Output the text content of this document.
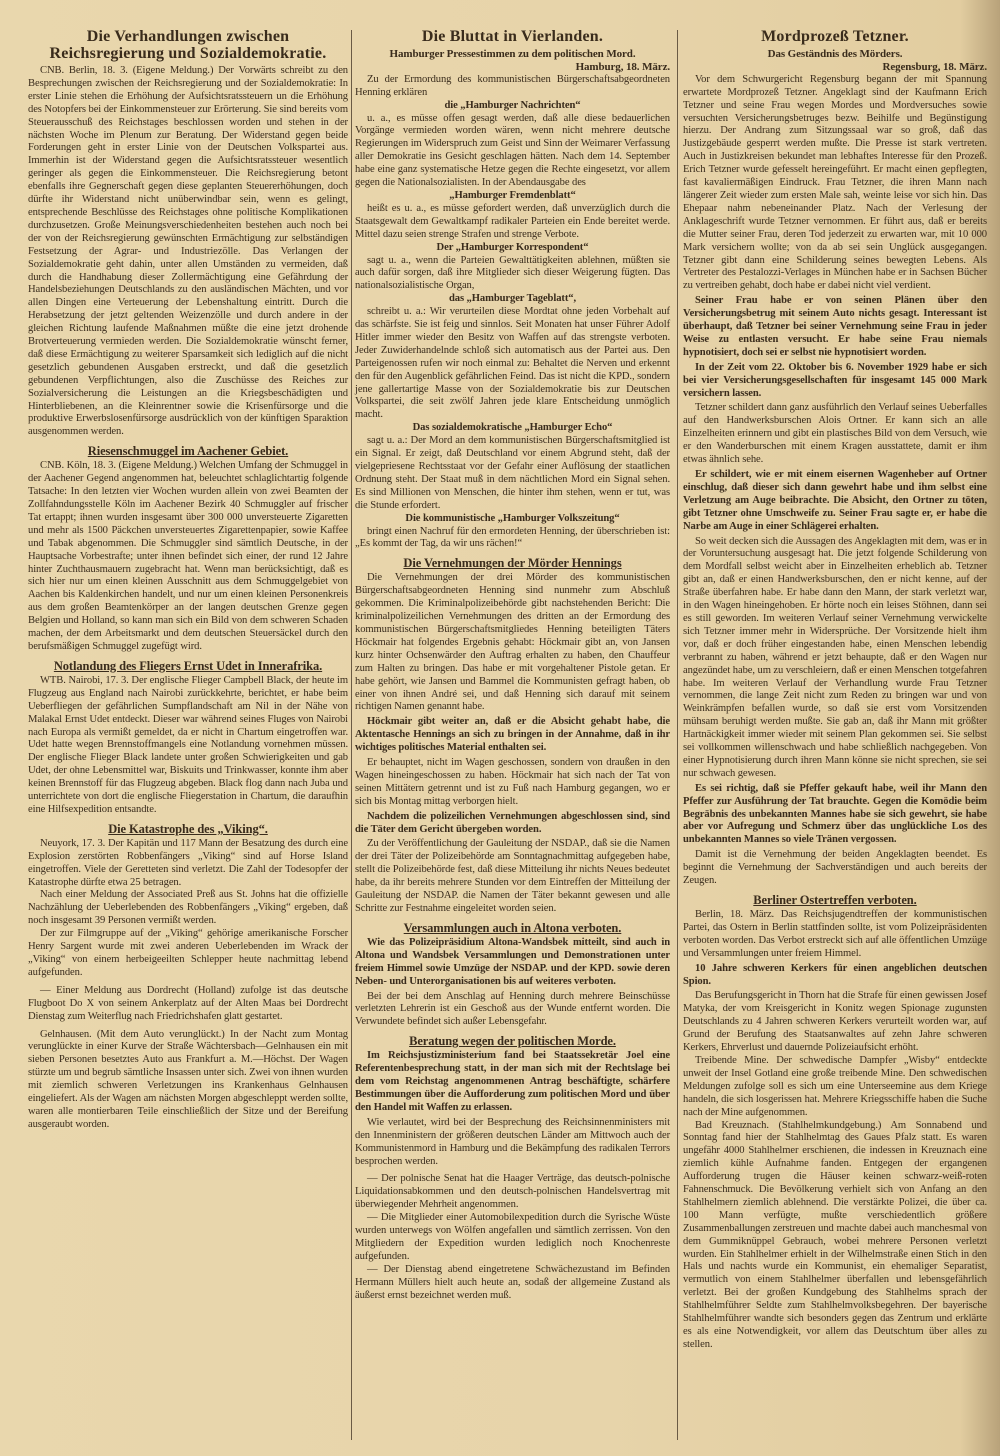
Die Verhandlungen zwischen Reichsregierung und Sozialdemokratie.
CNB. Berlin, 18. 3. (Eigene Meldung.) Der Vorwärts schreibt zu den Besprechungen zwischen der Reichsregierung und der Sozialdemokratie: In erster Linie stehen die Erhöhung der Aufsichtsratssteuern un die Erhöhung des Notopfers bei der Einkommensteuer zur Erörterung. Sie sind bereits vom Steuerausschuß des Reichstages beschlossen worden und stehen in der nächsten Woche im Plenum zur Beratung. Der Widerstand gegen beide Forderungen geht in erster Linie von der Deutschen Volkspartei aus. Immerhin ist der Widerstand gegen die Aufsichtsratssteuer wesentlich geringer als gegen die Einkommensteuer. Die Reichsregierung betont ebenfalls ihre Gegnerschaft gegen diese geplanten Steuererhöhungen, doch dürfte ihr Widerstand nicht unüberwindbar sein, wenn es gelingt, entsprechende Beschlüsse des Reichstages ohne politische Komplikationen durchzusetzen. Große Meinungsverschiedenheiten bestehen auch noch bei der von der Reichsregierung gewünschten Ermächtigung zur selbständigen Festsetzung der Agrar- und Industriezölle. Das Verlangen der Sozialdemokratie geht dahin, unter allen Umständen zu vermeiden, daß durch die Handhabung dieser Zollermächtigung eine Gefährdung der Handelsbeziehungen Deutschlands zu den ausländischen Mächten, und vor allen Dingen eine Verteuerung der Lebenshaltung eintritt. Durch die Herabsetzung der jetzt geltenden Weizenzölle und durch andere in der gleichen Richtung laufende Maßnahmen müßte die eine jetzt drohende Brotverteuerung vermieden werden. Die Sozialdemokratie wünscht ferner, daß diese Ermächtigung zu weiterer Sparsamkeit sich lediglich auf die nicht gesetzlich gebundenen Ausgaben erstreckt, und daß die gesetzlich gebundenen Verpflichtungen, also die Zuschüsse des Reiches zur Sozialversicherung die Leistungen an die Kriegsbeschädigten und Hinterbliebenen, an die Kleinrentner sowie die Krisenfürsorge und die produktive Erwerbslosenfürsorge ausdrücklich von der künftigen Sparaktion ausgenommen werden.
Riesenschmuggel im Aachener Gebiet.
CNB. Köln, 18. 3. (Eigene Meldung.) Welchen Umfang der Schmuggel in der Aachener Gegend angenommen hat, beleuchtet schlaglichtartig folgende Tatsache: In den letzten vier Wochen wurden allein von zwei Beamten der Zollfahndungsstelle Köln im Aachener Bezirk 40 Schmuggler auf frischer Tat ertappt; ihnen wurden insgesamt über 300 000 unversteuerte Zigaretten und mehr als 1500 Päckchen unversteuertes Zigarettenpapier, sowie Kaffee und Tabak abgenommen. Die Schmuggler sind sämtlich Deutsche, in der Hauptsache Vorbestrafte; unter ihnen befindet sich einer, der rund 12 Jahre hinter Zuchthausmauern zugebracht hat. Wenn man berücksichtigt, daß es sich hier nur um einen kleinen Ausschnitt aus dem Schmuggelgebiet von Aachen bis Kaldenkirchen handelt, und nur um einen kleinen Personenkreis aus dem großen Beamtenkörper an der langen deutschen Grenze gegen Belgien und Holland, so kann man sich ein Bild von dem schweren Schaden machen, der dem Arbeitsmarkt und dem deutschen Steuersäckel durch den berufsmäßigen Schmuggel zugefügt wird.
Notlandung des Fliegers Ernst Udet in Innerafrika.
WTB. Nairobi, 17. 3. Der englische Flieger Campbell Black, der heute im Flugzeug aus England nach Nairobi zurückkehrte, berichtet, er habe beim Ueberfliegen der gefährlichen Sumpflandschaft am Nil in der Nähe von Malakal Ernst Udet entdeckt. Dieser war während seines Fluges von Nairobi nach Europa als vermißt gemeldet, da er nicht in Chartum eingetroffen war. Udet hatte wegen Brennstoffmangels eine Notlandung vornehmen müssen. Der englische Flieger Black landete unter großen Schwierigkeiten und gab Udet, der ohne Lebensmittel war, Biskuits und Trinkwasser, konnte ihm aber keinen Brennstoff für das Flugzeug abgeben. Black flog dann nach Juba und unterrichtete von dort die englische Fliegerstation in Chartum, die daraufhin eine Hilfsexpedition entsandte.
Die Katastrophe des „Viking“.
Neuyork, 17. 3. Der Kapitän und 117 Mann der Besatzung des durch eine Explosion zerstörten Robbenfängers „Viking“ sind auf Horse Island eingetroffen. Viele der Geretteten sind verletzt. Die Zahl der Todesopfer der Katastrophe dürfte etwa 25 betragen.
Nach einer Meldung der Associated Preß aus St. Johns hat die offizielle Nachzählung der Ueberlebenden des Robbenfängers „Viking“ ergeben, daß noch insgesamt 39 Personen vermißt werden.
Der zur Filmgruppe auf der „Viking“ gehörige amerikanische Forscher Henry Sargent wurde mit zwei anderen Ueberlebenden im Wrack der „Viking“ von einem herbeigeeilten Schlepper heute nachmittag lebend aufgefunden.
— Einer Meldung aus Dordrecht (Holland) zufolge ist das deutsche Flugboot Do X von seinem Ankerplatz auf der Alten Maas bei Dordrecht Dienstag zum Weiterflug nach Friedrichshafen glatt gestartet.
Gelnhausen. (Mit dem Auto verunglückt.) In der Nacht zum Montag verunglückte in einer Kurve der Straße Wächtersbach—Gelnhausen ein mit sieben Personen besetztes Auto aus Frankfurt a. M.—Höchst. Der Wagen stürzte um und begrub sämtliche Insassen unter sich. Zwei von ihnen wurden mit ziemlich schweren Verletzungen ins Krankenhaus Gelnhausen eingeliefert. Als der Wagen am nächsten Morgen abgeschleppt werden sollte, waren alle montierbaren Teile einschließlich der Sitze und der Bereifung ausgeraubt worden.
Die Bluttat in Vierlanden.
Hamburger Pressestimmen zu dem politischen Mord.
Hamburg, 18. März.
Zu der Ermordung des kommunistischen Bürgerschaftsabgeordneten Henning erklären
die „Hamburger Nachrichten“
u. a., es müsse offen gesagt werden, daß alle diese bedauerlichen Vorgänge vermieden worden wären, wenn nicht mehrere deutsche Regierungen im Widerspruch zum Geist und Sinn der Weimarer Verfassung aller Demokratie ins Gesicht geschlagen hätten. Nach dem 14. September habe eine ganz systematische Hetze gegen die Rechte eingesetzt, vor allem gegen die Nationalsozialisten. In der Abendausgabe des
„Hamburger Fremdenblatt“
heißt es u. a., es müsse gefordert werden, daß unverzüglich durch die Staatsgewalt dem Gewaltkampf radikaler Parteien ein Ende bereitet werde. Mittel dazu seien strenge Strafen und strenge Verbote.
Der „Hamburger Korrespondent“
sagt u. a., wenn die Parteien Gewalttätigkeiten ablehnen, müßten sie auch dafür sorgen, daß ihre Mitglieder sich dieser Weigerung fügten. Das nationalsozialistische Organ,
das „Hamburger Tageblatt“,
schreibt u. a.: Wir verurteilen diese Mordtat ohne jeden Vorbehalt auf das schärfste. Sie ist feig und sinnlos. Seit Monaten hat unser Führer Adolf Hitler immer wieder den Besitz von Waffen auf das strengste verboten. Jeder Zuwiderhandelnde schloß sich automatisch aus der Partei aus. Den Parteigenossen rufen wir noch einmal zu: Behaltet die Nerven und erkennt den für den Augenblick gefährlichen Feind. Das ist nicht die KPD., sondern jene gallertartige Masse von der Sozialdemokratie bis zur Deutschen Volkspartei, die seit zwölf Jahren jede klare Entscheidung unmöglich macht.
Das sozialdemokratische „Hamburger Echo“
sagt u. a.: Der Mord an dem kommunistischen Bürgerschaftsmitglied ist ein Signal. Er zeigt, daß Deutschland vor einem Abgrund steht, daß der vielgepriesene Rechtsstaat vor der Gefahr einer Auflösung der staatlichen Ordnung steht. Der Staat muß in dem nächtlichen Mord ein Signal sehen. Es sind Millionen von Menschen, die hinter ihm stehen, wenn er tut, was die Stunde erfordert.
Die kommunistische „Hamburger Volkszeitung“
bringt einen Nachruf für den ermordeten Henning, der überschrieben ist: „Es kommt der Tag, da wir uns rächen!“
Die Vernehmungen der Mörder Hennings
Die Vernehmungen der drei Mörder des kommunistischen Bürgerschaftsabgeordneten Henning sind nunmehr zum Abschluß gekommen. Die Kriminalpolizeibehörde gibt nachstehenden Bericht: Die kriminalpolizeilichen Vernehmungen des dritten an der Ermordung des kommunistischen Bürgerschaftsmitgliedes Henning beteiligten Täters Höckmair hat folgendes Ergebnis gehabt: Höckmair gibt an, von Jansen kurz hinter Ochsenwärder den Auftrag erhalten zu haben, den Chauffeur zum Halten zu bringen. Das habe er mit vorgehaltener Pistole getan. Er habe gehört, wie Jansen und Bammel die Kommunisten gefragt haben, ob einer von ihnen André sei, und daß Henning sich darauf mit seinem richtigen Namen genannt habe.
Höckmair gibt weiter an, daß er die Absicht gehabt habe, die Aktentasche Hennings an sich zu bringen in der Annahme, daß in ihr wichtiges politisches Material enthalten sei.
Er behauptet, nicht im Wagen geschossen, sondern von draußen in den Wagen hineingeschossen zu haben. Höckmair hat sich nach der Tat von seinen Mittätern getrennt und ist zu Fuß nach Hamburg gegangen, wo er sich bis Montag mittag verborgen hielt.
Nachdem die polizeilichen Vernehmungen abgeschlossen sind, sind die Täter dem Gericht übergeben worden.
Zu der Veröffentlichung der Gauleitung der NSDAP., daß sie die Namen der drei Täter der Polizeibehörde am Sonntagnachmittag aufgegeben habe, stellt die Polizeibehörde fest, daß diese Mitteilung ihr nichts Neues bedeutet habe, da ihr bereits mehrere Stunden vor dem Eintreffen der Mitteilung der Gauleitung der NSDAP. die Namen der Täter bekannt gewesen und alle Schritte zur Festnahme eingeleitet worden seien.
Versammlungen auch in Altona verboten.
Wie das Polizeipräsidium Altona-Wandsbek mitteilt, sind auch in Altona und Wandsbek Versammlungen und Demonstrationen unter freiem Himmel sowie Umzüge der NSDAP. und der KPD. sowie deren Neben- und Unterorganisationen bis auf weiteres verboten.
Bei der bei dem Anschlag auf Henning durch mehrere Beinschüsse verletzten Lehrerin ist ein Geschoß aus der Wunde entfernt worden. Die Verwundete befindet sich außer Lebensgefahr.
Beratung wegen der politischen Morde.
Im Reichsjustizministerium fand bei Staatssekretär Joel eine Referentenbesprechung statt, in der man sich mit der Rechtslage bei dem vom Reichstag angenommenen Antrag beschäftigte, schärfere Bestimmungen über die Aufforderung zum politischen Mord und über den Handel mit Waffen zu erlassen.
Wie verlautet, wird bei der Besprechung des Reichsinnenministers mit den Innenministern der größeren deutschen Länder am Mittwoch auch der Kommunistenmord in Hamburg und die Bekämpfung des radikalen Terrors besprochen werden.
— Der polnische Senat hat die Haager Verträge, das deutsch-polnische Liquidationsabkommen und den deutsch-polnischen Handelsvertrag mit überwiegender Mehrheit angenommen.
— Die Mitglieder einer Automobilexpedition durch die Syrische Wüste wurden unterwegs von Wölfen angefallen und sämtlich zerrissen. Von den Mitgliedern der Expedition wurden lediglich noch Knochenreste aufgefunden.
— Der Dienstag abend eingetretene Schwächezustand im Befinden Hermann Müllers hielt auch heute an, sodaß der allgemeine Zustand als äußerst ernst bezeichnet werden muß.
Mordprozeß Tetzner.
Das Geständnis des Mörders.
Regensburg, 18. März.
Vor dem Schwurgericht Regensburg begann der mit Spannung erwartete Mordprozeß Tetzner. Angeklagt sind der Kaufmann Erich Tetzner und seine Frau wegen Mordes und Mordversuches sowie versuchten Versicherungsbetruges bezw. Beihilfe und Begünstigung hierzu. Der Andrang zum Sitzungssaal war so groß, daß das Justizgebäude gesperrt werden mußte. Die Presse ist stark vertreten. Auch in Justizkreisen bekundet man lebhaftes Interesse für den Prozeß. Erich Tetzner wurde gefesselt hereingeführt. Er macht einen gepflegten, fast kavaliermäßigen Eindruck. Frau Tetzner, die ihren Mann nach längerer Zeit wieder zum ersten Male sah, weinte leise vor sich hin. Das Ehepaar nahm nebeneinander Platz. Nach der Verlesung der Anklageschrift wurde Tetzner vernommen. Er führt aus, daß er bereits die Mutter seiner Frau, deren Tod jederzeit zu erwarten war, mit 10 000 Mark versichern wollte; von da ab sei sein Unglück ausgegangen. Tetzner gibt dann eine Schilderung seines bewegten Lebens. Als Vertreter des Pestalozzi-Verlages in München habe er in Sachsen Bücher zu vertreiben gehabt, doch habe er dabei nicht viel verdient.
Seiner Frau habe er von seinen Plänen über den Versicherungsbetrug mit seinem Auto nichts gesagt. Interessant ist überhaupt, daß Tetzner bei seiner Vernehmung seine Frau in jeder Weise zu entlasten versucht. Er habe seine Frau niemals hypnotisiert, doch sei er selbst nie hypnotisiert worden.
In der Zeit vom 22. Oktober bis 6. November 1929 habe er sich bei vier Versicherungsgesellschaften für insgesamt 145 000 Mark versichern lassen.
Tetzner schildert dann ganz ausführlich den Verlauf seines Ueberfalles auf den Handwerksburschen Alois Ortner. Er kann sich an alle Einzelheiten erinnern und gibt ein plastisches Bild von dem Versuch, wie er den Wanderburschen mit einem Kragen ausstattete, damit er ihm etwas ähnlich sehe.
Er schildert, wie er mit einem eisernen Wagenheber auf Ortner einschlug, daß dieser sich dann gewehrt habe und ihm selbst eine Verletzung am Auge beibrachte. Die Absicht, den Ortner zu töten, gibt Tetzner ohne Umschweife zu. Seiner Frau sagte er, er habe die Narbe am Auge in einer Schlägerei erhalten.
So weit decken sich die Aussagen des Angeklagten mit dem, was er in der Voruntersuchung ausgesagt hat. Die jetzt folgende Schilderung von dem Mordfall selbst weicht aber in Einzelheiten erheblich ab. Tetzner gibt an, daß er einen Handwerksburschen, den er nicht kenne, auf der Straße überfahren habe. Er habe dann den Mann, der stark verletzt war, in den Wagen hineingehoben. Er hörte noch ein leises Stöhnen, dann sei es still geworden. Im weiteren Verlauf seiner Vernehmung verwickelte sich Tetzner immer mehr in Widersprüche. Der Vorsitzende hielt ihm vor, daß er doch früher eingestanden habe, einen Menschen lebendig verbrannt zu haben, während er jetzt behaupte, daß er den Wagen nur angezündet habe, um zu verschleiern, daß er einen Menschen totgefahren habe. Im weiteren Verlauf der Verhandlung wurde Frau Tetzner vernommen, die lange Zeit nicht zum Reden zu bringen war und von Weinkrämpfen befallen wurde, so daß sie erst vom Vorsitzenden mühsam beruhigt werden mußte. Sie gab an, daß ihr Mann mit größter Hartnäckigkeit immer wieder mit seinem Plan gekommen sei. Sie selbst sei vollkommen willenschwach und habe schließlich nachgegeben. Von einer Hypnotisierung durch ihren Mann könne sie nicht sprechen, sie sei nur schwach gewesen.
Es sei richtig, daß sie Pfeffer gekauft habe, weil ihr Mann den Pfeffer zur Ausführung der Tat brauchte. Gegen die Komödie beim Begräbnis des unbekannten Mannes habe sie sich gewehrt, sie habe aber vor Aufregung und Schmerz über das unglückliche Los des unbekannten Mannes so viele Tränen vergossen.
Damit ist die Vernehmung der beiden Angeklagten beendet. Es beginnt die Vernehmung der Sachverständigen und auch bereits der Zeugen.
Berliner Ostertreffen verboten.
Berlin, 18. März. Das Reichsjugendtreffen der kommunistischen Partei, das Ostern in Berlin stattfinden sollte, ist vom Polizeipräsidenten verboten worden. Das Verbot erstreckt sich auf alle öffentlichen Umzüge und Versammlungen unter freiem Himmel.
10 Jahre schweren Kerkers für einen angeblichen deutschen Spion.
Das Berufungsgericht in Thorn hat die Strafe für einen gewissen Josef Matyka, der vom Kreisgericht in Konitz wegen Spionage zugunsten Deutschlands zu 4 Jahren schweren Kerkers verurteilt worden war, auf Grund der Berufung des Staatsanwaltes auf zehn Jahre schweren Kerkers, Ehrverlust und dauernde Polizeiaufsicht erhöht.
Treibende Mine. Der schwedische Dampfer „Wisby“ entdeckte unweit der Insel Gotland eine große treibende Mine. Den schwedischen Meldungen zufolge soll es sich um eine Unterseemine aus dem Kriege handeln, die sich losgerissen hat. Mehrere Kriegsschiffe haben die Suche nach der Mine aufgenommen.
Bad Kreuznach. (Stahlhelmkundgebung.) Am Sonnabend und Sonntag fand hier der Stahlhelmtag des Gaues Pfalz statt. Es waren ungefähr 4000 Stahlhelmer erschienen, die indessen in Kreuznach eine ziemlich kühle Aufnahme fanden. Entgegen der ergangenen Aufforderung trugen die Häuser keinen schwarz-weiß-roten Fahnenschmuck. Die Bevölkerung verhielt sich von Anfang an den Stahlhelmern ziemlich ablehnend. Die verstärkte Polizei, die über ca. 100 Mann verfügte, mußte verschiedentlich größere Zusammenballungen zerstreuen und machte dabei auch manchesmal von dem Gummiknüppel Gebrauch, wobei mehrere Personen verletzt wurden. Ein Stahlhelmer erhielt in der Wilhelmstraße einen Stich in den Hals und nachts wurde ein Kommunist, ein ehemaliger Separatist, vermutlich von einem Stahlhelmer überfallen und lebensgefährlich verletzt. Bei der großen Kundgebung des Stahlhelms sprach der Stahlhelmführer Seldte zum Stahlhelmvolksbegehren. Der bayerische Stahlhelmführer wandte sich besonders gegen das Zentrum und erklärte es als eine Notwendigkeit, vor allem das Deutschtum über alles zu stellen.
